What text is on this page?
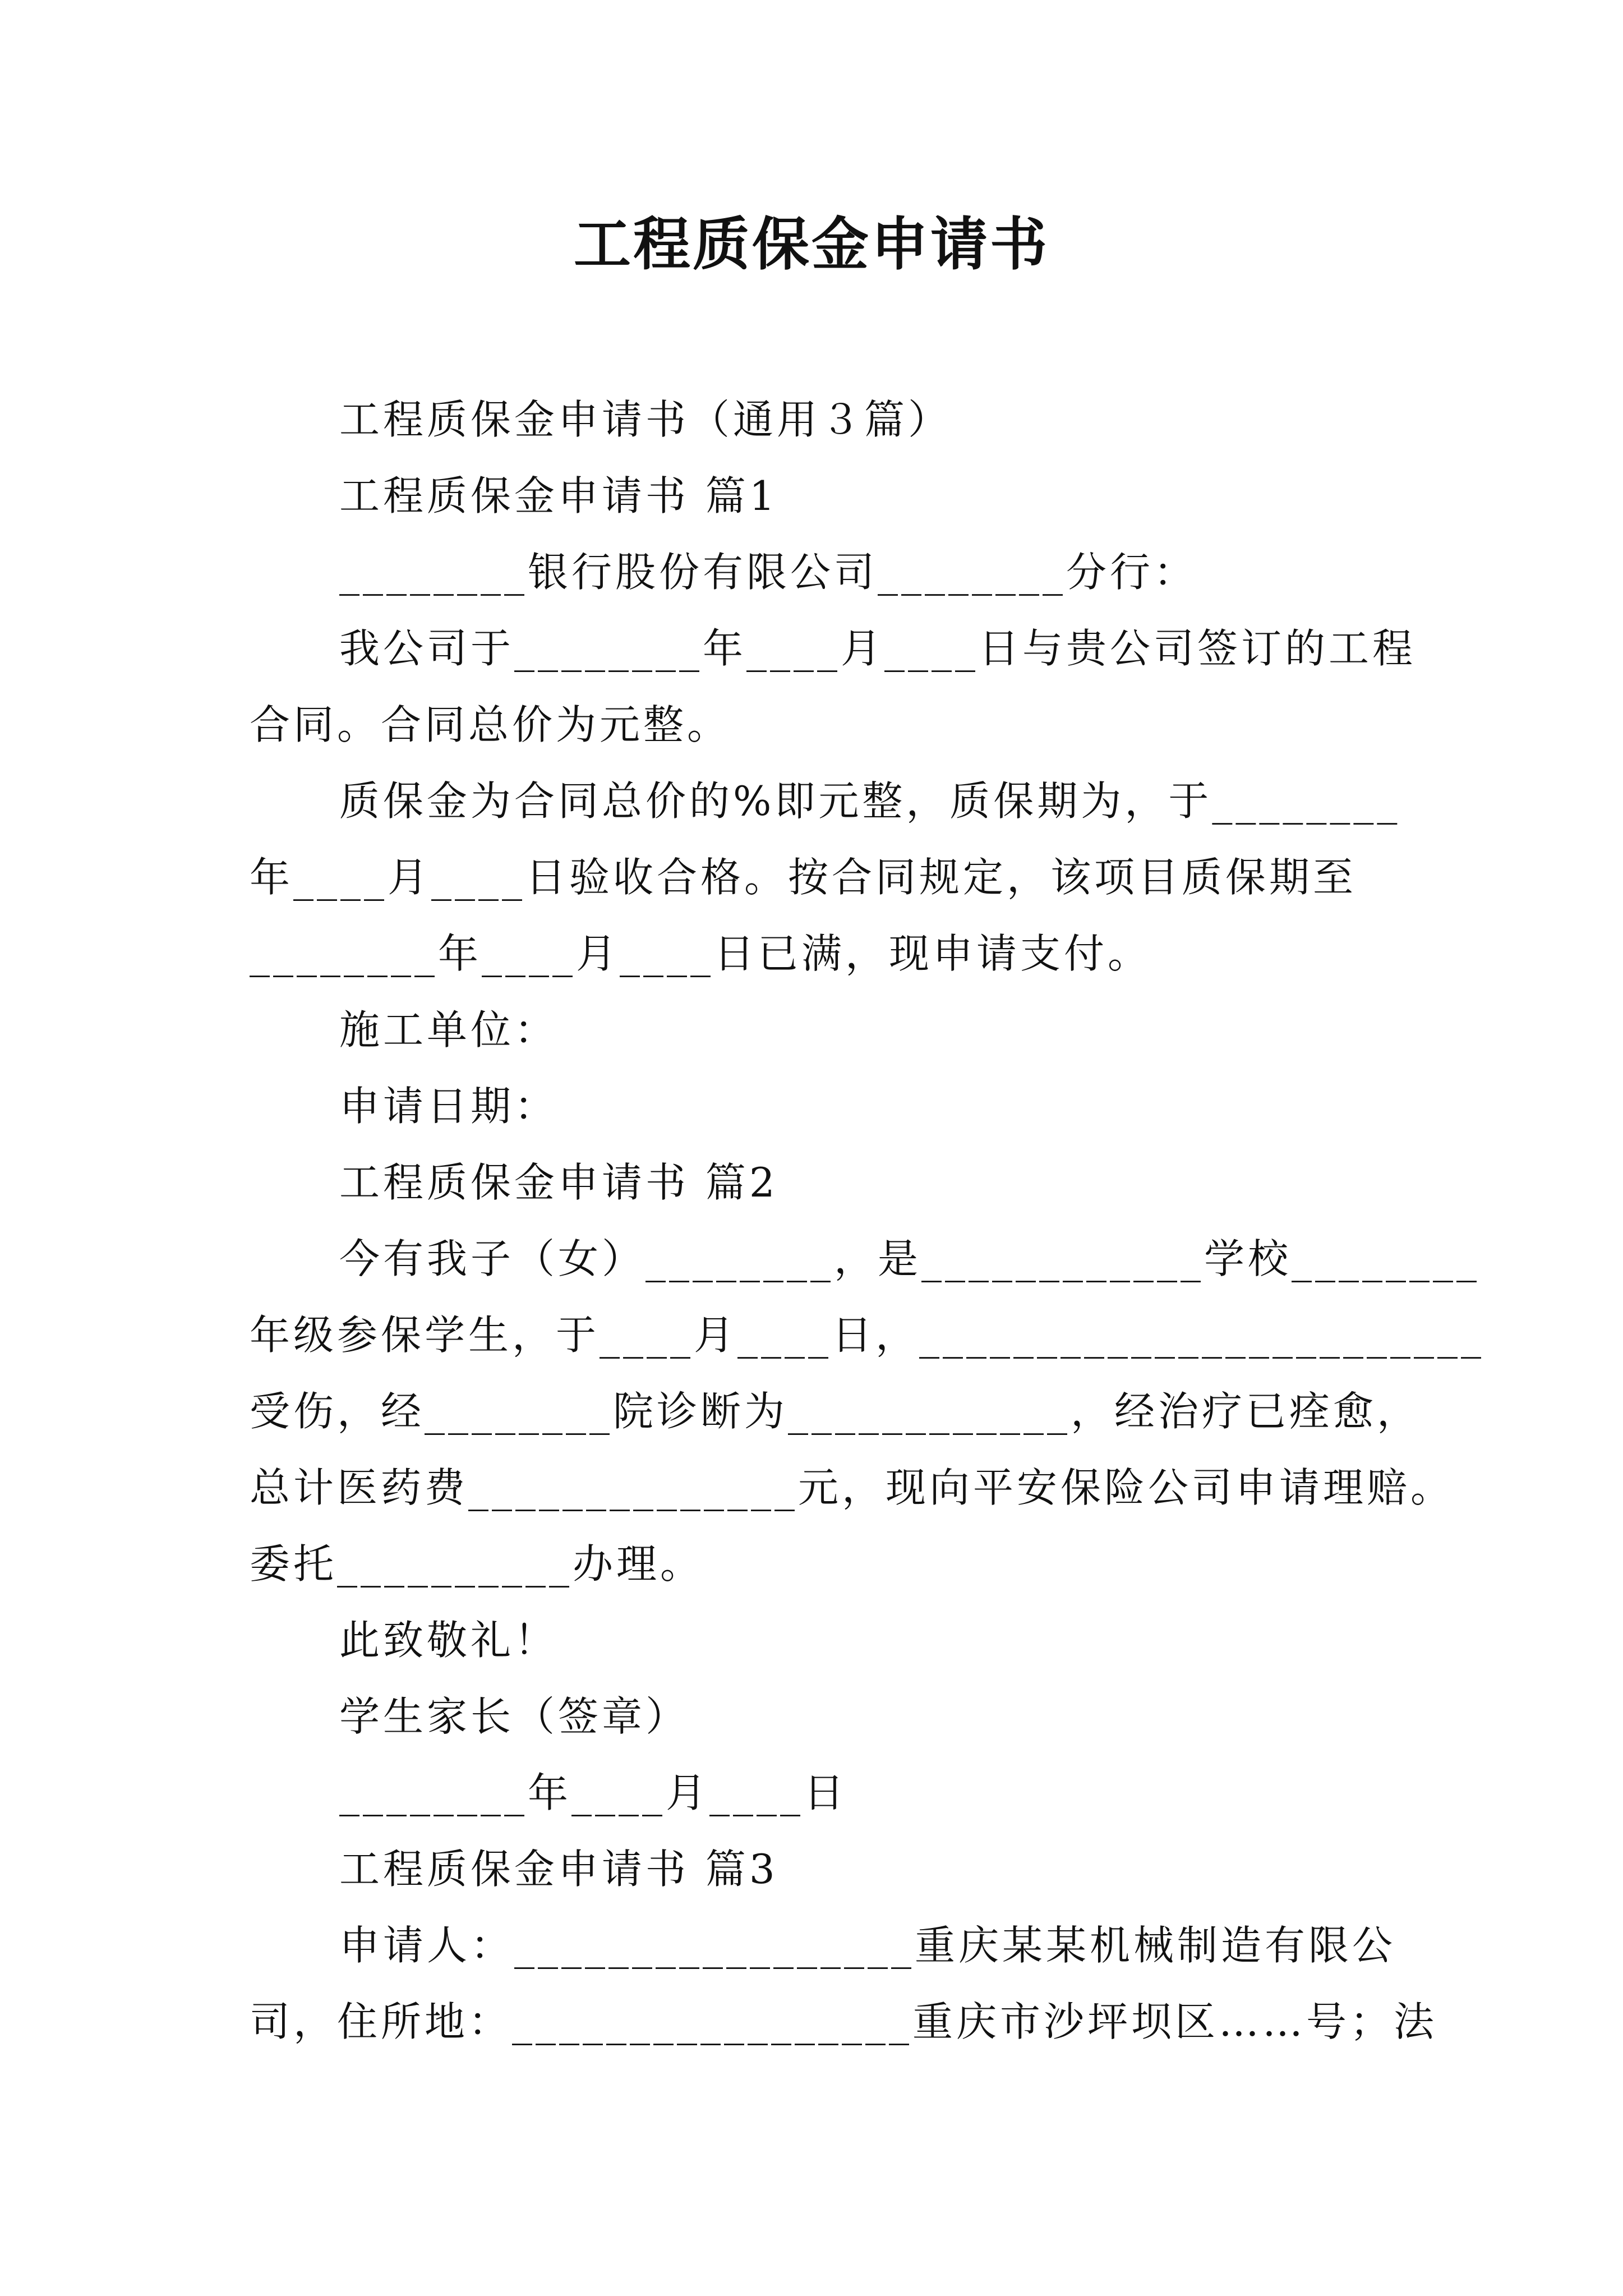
工程质保金申请书
工程质保金申请书（通用３篇）
工程质保金申请书 篇1
________银行股份有限公司________分行：
我公司于________年____月____日与贵公司签订的工程
合同。合同总价为元整。
质保金为合同总价的%即元整，质保期为，于________
年____月____日验收合格。按合同规定，该项目质保期至
________年____月____日已满，现申请支付。
施工单位：
申请日期：
工程质保金申请书 篇2
今有我子（女）________，是____________学校________
年级参保学生，于____月____日，________________________
受伤，经________院诊断为____________，经治疗已痊愈，
总计医药费______________元，现向平安保险公司申请理赔。
委托__________办理。
此致敬礼！
学生家长（签章）
________年____月____日
工程质保金申请书 篇3
申请人：_________________重庆某某机械制造有限公
司，住所地：_________________重庆市沙坪坝区……号；法
